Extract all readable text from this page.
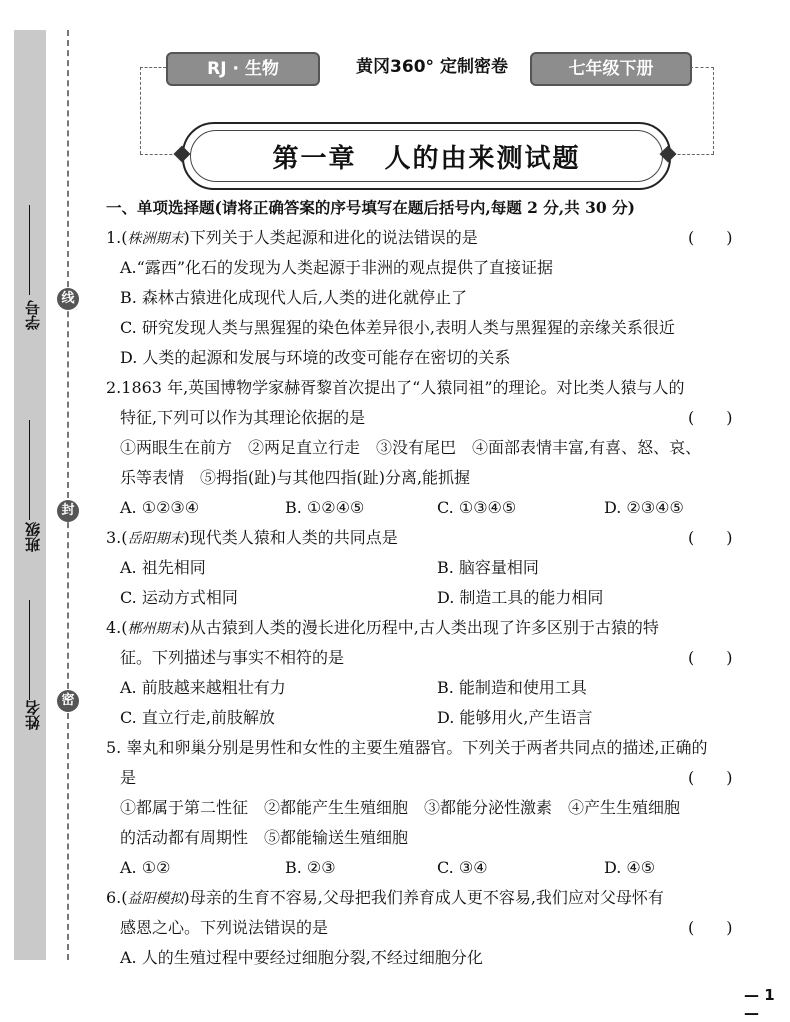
线
封
密
学号
班级
姓名
RJ · 生物	黄冈360° 定制密卷	七年级下册
第一章　人的由来测试题
一、单项选择题(请将正确答案的序号填写在题后括号内,每题 2 分,共 30 分)
1.(株洲期末)下列关于人类起源和进化的说法错误的是	(　　)
A.“露西”化石的发现为人类起源于非洲的观点提供了直接证据
B. 森林古猿进化成现代人后,人类的进化就停止了
C. 研究发现人类与黑猩猩的染色体差异很小,表明人类与黑猩猩的亲缘关系很近
D. 人类的起源和发展与环境的改变可能存在密切的关系
2.1863 年,英国博物学家赫胥黎首次提出了“人猿同祖”的理论。对比类人猿与人的
特征,下列可以作为其理论依据的是	(　　)
①两眼生在前方　②两足直立行走　③没有尾巴　④面部表情丰富,有喜、怒、哀、
乐等表情　⑤拇指(趾)与其他四指(趾)分离,能抓握
A. ①②③④	B. ①②④⑤	C. ①③④⑤	D. ②③④⑤
3.(岳阳期末)现代类人猿和人类的共同点是	(　　)
A. 祖先相同	B. 脑容量相同
C. 运动方式相同	D. 制造工具的能力相同
4.(郴州期末)从古猿到人类的漫长进化历程中,古人类出现了许多区别于古猿的特
征。下列描述与事实不相符的是	(　　)
A. 前肢越来越粗壮有力	B. 能制造和使用工具
C. 直立行走,前肢解放	D. 能够用火,产生语言
5. 睾丸和卵巢分别是男性和女性的主要生殖器官。下列关于两者共同点的描述,正确的
是	(　　)
①都属于第二性征　②都能产生生殖细胞　③都能分泌性激素　④产生生殖细胞
的活动都有周期性　⑤都能输送生殖细胞
A. ①②	B. ②③	C. ③④	D. ④⑤
6.(益阳模拟)母亲的生育不容易,父母把我们养育成人更不容易,我们应对父母怀有
感恩之心。下列说法错误的是	(　　)
A. 人的生殖过程中要经过细胞分裂,不经过细胞分化
— 1 —
